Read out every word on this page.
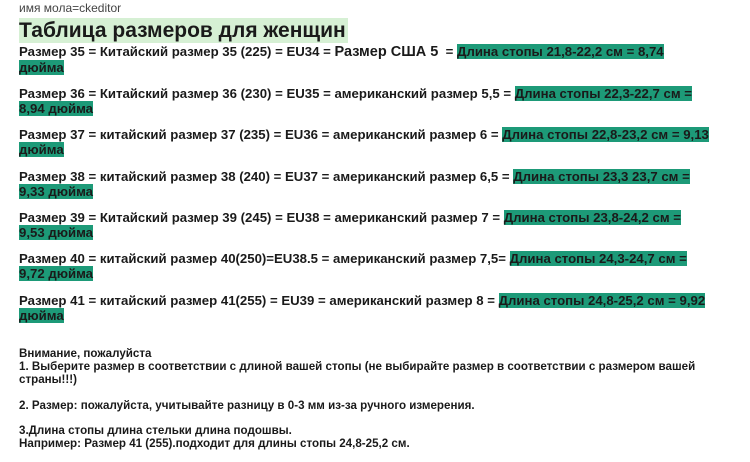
имя мола=ckeditor
Таблица размеров для женщин
Размер 35 = Китайский размер 35 (225) = EU34 = Размер США 5  = Длина стопы 21,8-22,2 см = 8,74 дюйма
Размер 36 = Китайский размер 36 (230) = EU35 = американский размер 5,5 = Длина стопы 22,3-22,7 см = 8,94 дюйма
Размер 37 = китайский размер 37 (235) = EU36 = американский размер 6 = Длина стопы 22,8-23,2 см = 9,13 дюйма
Размер 38 = китайский размер 38 (240) = EU37 = американский размер 6,5 = Длина стопы 23,3 23,7 см = 9,33 дюйма
Размер 39 = Китайский размер 39 (245) = EU38 = американский размер 7 = Длина стопы 23,8-24,2 см = 9,53 дюйма
Размер 40 = китайский размер 40(250)=EU38.5 = американский размер 7,5= Длина стопы 24,3-24,7 см = 9,72 дюйма
Размер 41 = китайский размер 41(255) = EU39 = американский размер 8 = Длина стопы 24,8-25,2 см = 9,92 дюйма
Внимание, пожалуйста
1. Выберите размер в соответствии с длиной вашей стопы (не выбирайте размер в соответствии с размером вашей страны!!!)
2. Размер: пожалуйста, учитывайте разницу в 0-3 мм из-за ручного измерения.
3.Длина стопы длина стельки длина подошвы.
Например: Размер 41 (255).подходит для длины стопы 24,8-25,2 см.
